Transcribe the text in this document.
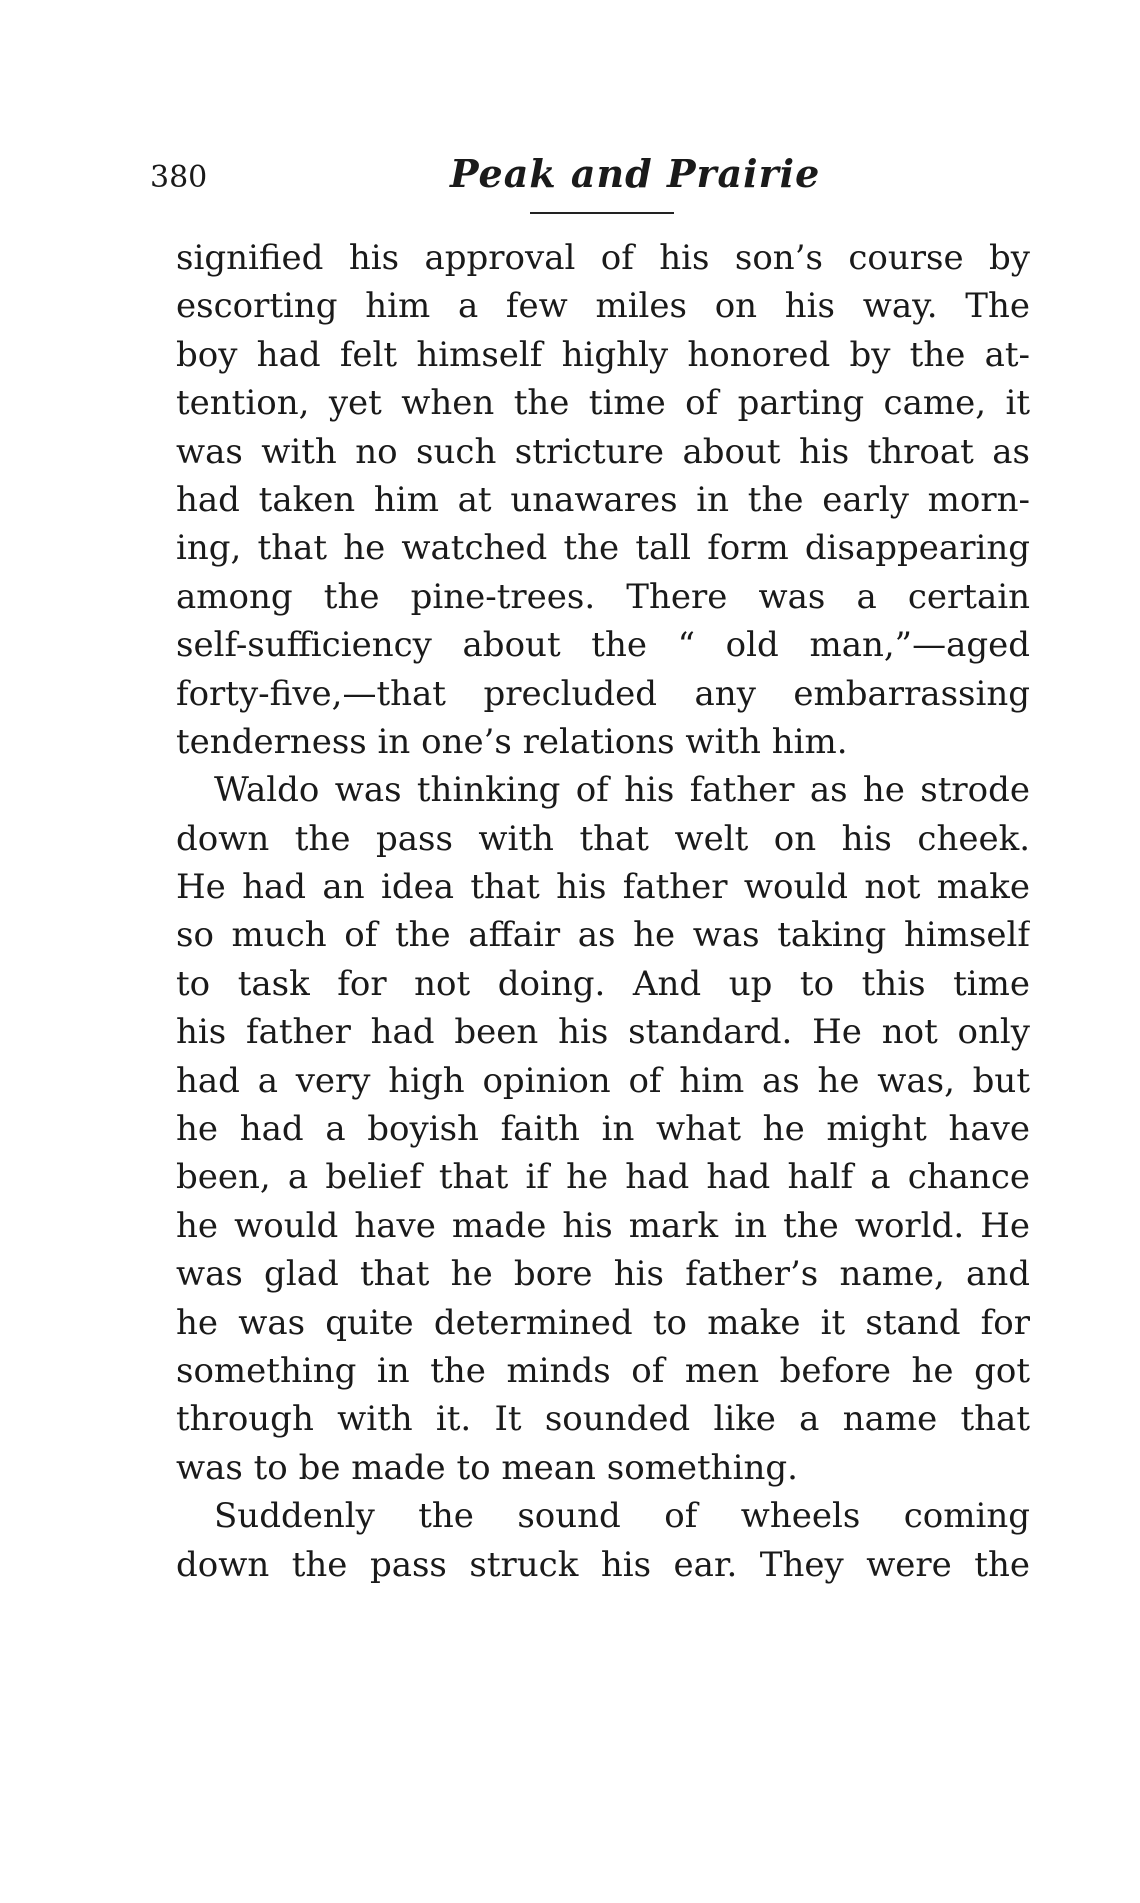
380	Peak and Prairie
signified his approval of his son’s course by
escorting him a few miles on his way. The
boy had felt himself highly honored by the at-
tention, yet when the time of parting came, it
was with no such stricture about his throat as
had taken him at unawares in the early morn-
ing, that he watched the tall form disappearing
among the pine-trees. There was a certain
self-sufficiency about the “ old man,”—aged
forty-five,—that precluded any embarrassing
tenderness in one’s relations with him.
Waldo was thinking of his father as he strode
down the pass with that welt on his cheek.
He had an idea that his father would not make
so much of the affair as he was taking himself
to task for not doing. And up to this time
his father had been his standard. He not only
had a very high opinion of him as he was, but
he had a boyish faith in what he might have
been, a belief that if he had had half a chance
he would have made his mark in the world. He
was glad that he bore his father’s name, and
he was quite determined to make it stand for
something in the minds of men before he got
through with it. It sounded like a name that
was to be made to mean something.
Suddenly the sound of wheels coming
down the pass struck his ear. They were the
